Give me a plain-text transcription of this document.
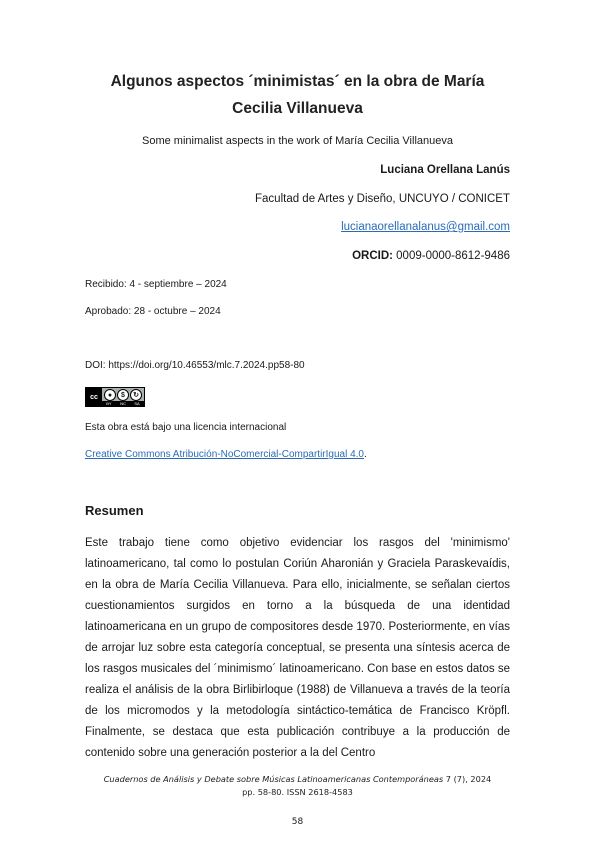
Algunos aspectos ´minimistas´ en la obra de María Cecilia Villanueva
Some minimalist aspects in the work of María Cecilia Villanueva
Luciana Orellana Lanús
Facultad de Artes y Diseño, UNCUYO / CONICET
lucianaorellanalanus@gmail.com
ORCID: 0009-0000-8612-9486
Recibido: 4 - septiembre – 2024
Aprobado: 28 - octubre – 2024
DOI: https://doi.org/10.46553/mlc.7.2024.pp58-80
cc	●	$	↻
BY NC SA
Esta obra está bajo una licencia internacional
Creative Commons Atribución-NoComercial-CompartirIgual 4.0.
Resumen
Este trabajo tiene como objetivo evidenciar los rasgos del 'minimismo' latinoamericano, tal como lo postulan Coriún Aharonián y Graciela Paraskevaídis, en la obra de María Cecilia Villanueva. Para ello, inicialmente, se señalan ciertos cuestionamientos surgidos en torno a la búsqueda de una identidad latinoamericana en un grupo de compositores desde 1970. Posteriormente, en vías de arrojar luz sobre esta categoría conceptual, se presenta una síntesis acerca de los rasgos musicales del ´minimismo´ latinoamericano. Con base en estos datos se realiza el análisis de la obra Birlibirloque (1988) de Villanueva a través de la teoría de los micromodos y la metodología sintáctico-temática de Francisco Kröpfl. Finalmente, se destaca que esta publicación contribuye a la producción de contenido sobre una generación posterior a la del Centro
Cuadernos de Análisis y Debate sobre Músicas Latinoamericanas Contemporáneas 7 (7), 2024
pp. 58-80. ISSN 2618-4583
58
